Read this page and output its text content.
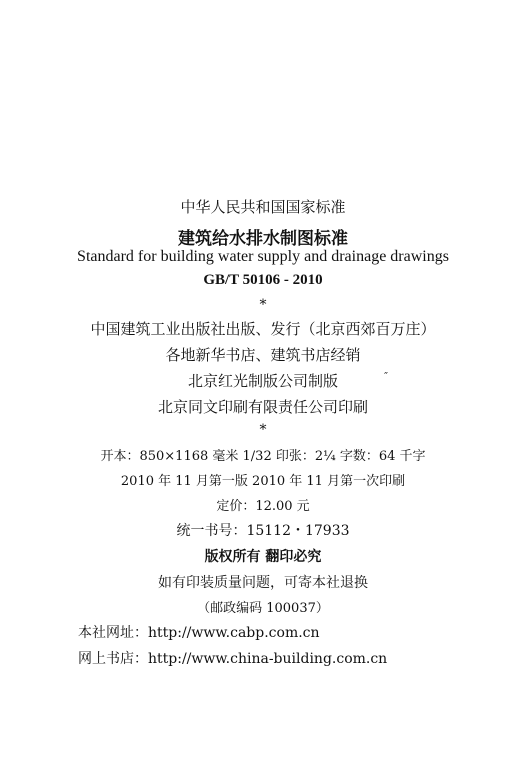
中华人民共和国国家标准
建筑给水排水制图标准
Standard for building water supply and drainage drawings
GB/T 50106 - 2010
*
中国建筑工业出版社出版、发行（北京西郊百万庄）
各地新华书店、建筑书店经销
北京红光制版公司制版	″
北京同文印刷有限责任公司印刷
*
开本：850×1168 毫米 1/32 印张：2¼ 字数：64 千字
2010 年 11 月第一版 2010 年 11 月第一次印刷
定价：12.00 元
统一书号：15112・17933
版权所有 翻印必究
如有印装质量问题，可寄本社退换
（邮政编码 100037）
本社网址：http://www.cabp.com.cn
网上书店：http://www.china-building.com.cn
